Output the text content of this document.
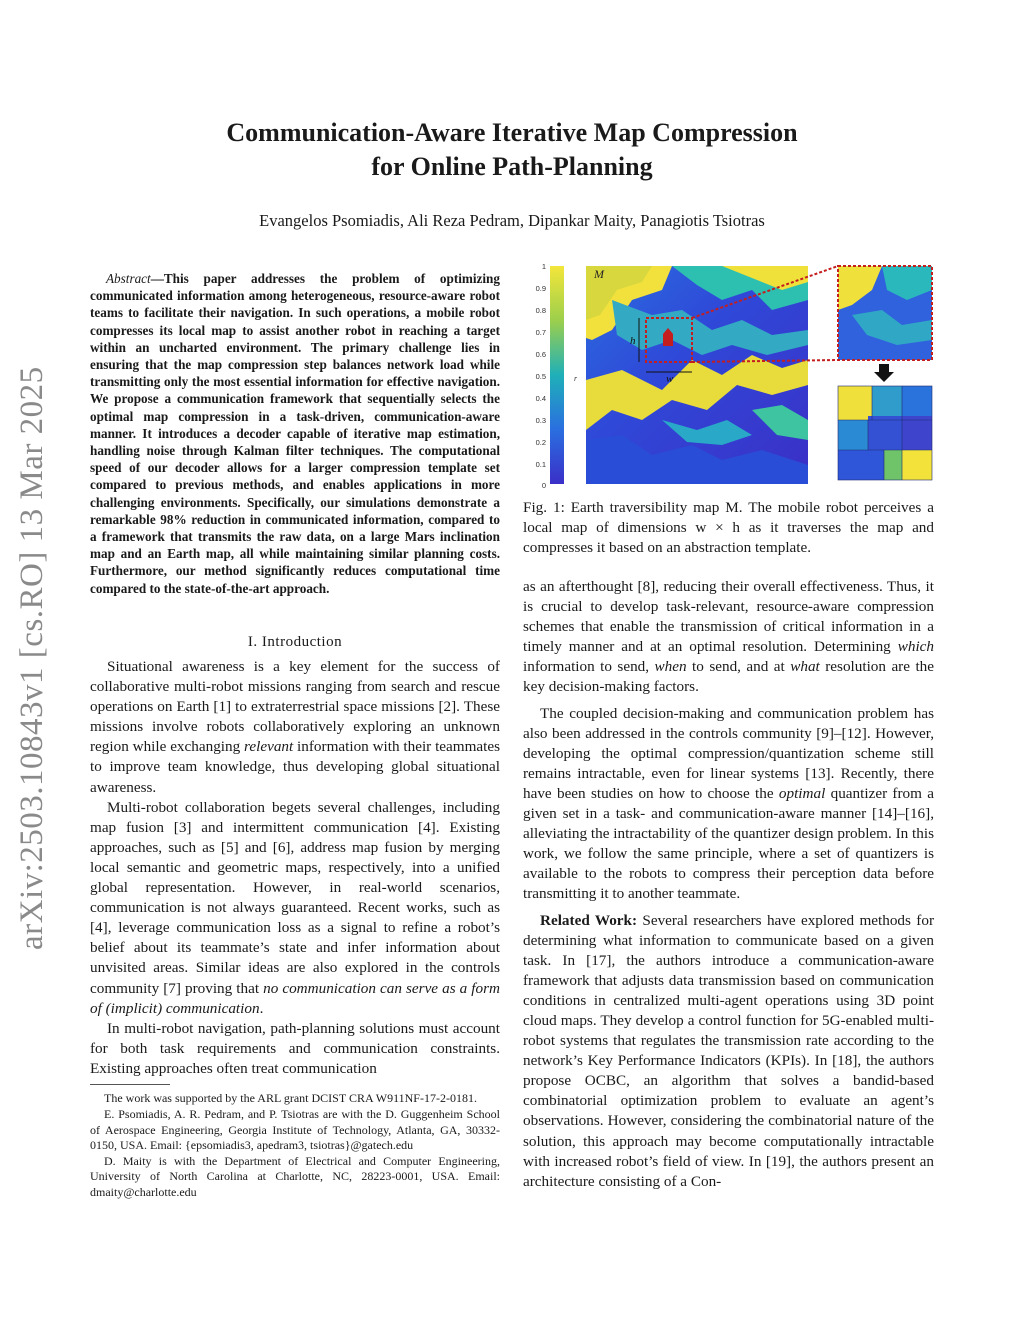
arXiv:2503.10843v1 [cs.RO] 13 Mar 2025
Communication-Aware Iterative Map Compression
for Online Path-Planning
Evangelos Psomiadis, Ali Reza Pedram, Dipankar Maity, Panagiotis Tsiotras

Abstract—This paper addresses the problem of optimizing communicated information among heterogeneous, resource-aware robot teams to facilitate their navigation. In such operations, a mobile robot compresses its local map to assist another robot in reaching a target within an uncharted environment. The primary challenge lies in ensuring that the map compression step balances network load while transmitting only the most essential information for effective navigation. We propose a communication framework that sequentially selects the optimal map compression in a task-driven, communication-aware manner. It introduces a decoder capable of iterative map estimation, handling noise through Kalman filter techniques. The computational speed of our decoder allows for a larger compression template set compared to previous methods, and enables applications in more challenging environments. Specifically, our simulations demonstrate a remarkable 98% reduction in communicated information, compared to a framework that transmits the raw data, on a large Mars inclination map and an Earth map, all while maintaining similar planning costs. Furthermore, our method significantly reduces computational time compared to the state-of-the-art approach.

I. Introduction

Situational awareness is a key element for the success of collaborative multi-robot missions ranging from search and rescue operations on Earth [1] to extraterrestrial space missions [2]. These missions involve robots collaboratively exploring an unknown region while exchanging relevant information with their teammates to improve team knowledge, thus developing global situational awareness.

Multi-robot collaboration begets several challenges, including map fusion [3] and intermittent communication [4]. Existing approaches, such as [5] and [6], address map fusion by merging local semantic and geometric maps, respectively, into a unified global representation. However, in real-world scenarios, communication is not always guaranteed. Recent works, such as [4], leverage communication loss as a signal to refine a robot’s belief about its teammate’s state and infer information about unvisited areas. Similar ideas are also explored in the controls community [7] proving that no communication can serve as a form of (implicit) communication.

In multi-robot navigation, path-planning solutions must account for both task requirements and communication constraints. Existing approaches often treat communication

The work was supported by the ARL grant DCIST CRA W911NF-17-2-0181.

E. Psomiadis, A. R. Pedram, and P. Tsiotras are with the D. Guggenheim School of Aerospace Engineering, Georgia Institute of Technology, Atlanta, GA, 30332-0150, USA. Email: {epsomiadis3, apedram3, tsiotras}@gatech.edu

D. Maity is with the Department of Electrical and Computer Engineering, University of North Carolina at Charlotte, NC, 28223-0001, USA. Email: dmaity@charlotte.edu

1
0.9
0.8
0.7
0.6
0.5
0.4
0.3
0.2
0.1
0
r
M
h
w
Fig. 1: Earth traversibility map M. The mobile robot perceives a local map of dimensions w × h as it traverses the map and compresses it based on an abstraction template.

as an afterthought [8], reducing their overall effectiveness. Thus, it is crucial to develop task-relevant, resource-aware compression schemes that enable the transmission of critical information in a timely manner and at an optimal resolution. Determining which information to send, when to send, and at what resolution are the key decision-making factors.

The coupled decision-making and communication problem has also been addressed in the controls community [9]–[12]. However, developing the optimal compression/quantization scheme still remains intractable, even for linear systems [13]. Recently, there have been studies on how to choose the optimal quantizer from a given set in a task- and communication-aware manner [14]–[16], alleviating the intractability of the quantizer design problem. In this work, we follow the same principle, where a set of quantizers is available to the robots to compress their perception data before transmitting it to another teammate.

Related Work: Several researchers have explored methods for determining what information to communicate based on a given task. In [17], the authors introduce a communication-aware framework that adjusts data transmission based on communication conditions in centralized multi-agent operations using 3D point cloud maps. They develop a control function for 5G-enabled multi-robot systems that regulates the transmission rate according to the network’s Key Performance Indicators (KPIs). In [18], the authors propose OCBC, an algorithm that solves a bandid-based combinatorial optimization problem to evaluate an agent’s observations. However, considering the combinatorial nature of the solution, this approach may become computationally intractable with increased robot’s field of view. In [19], the authors present an architecture consisting of a Con-
